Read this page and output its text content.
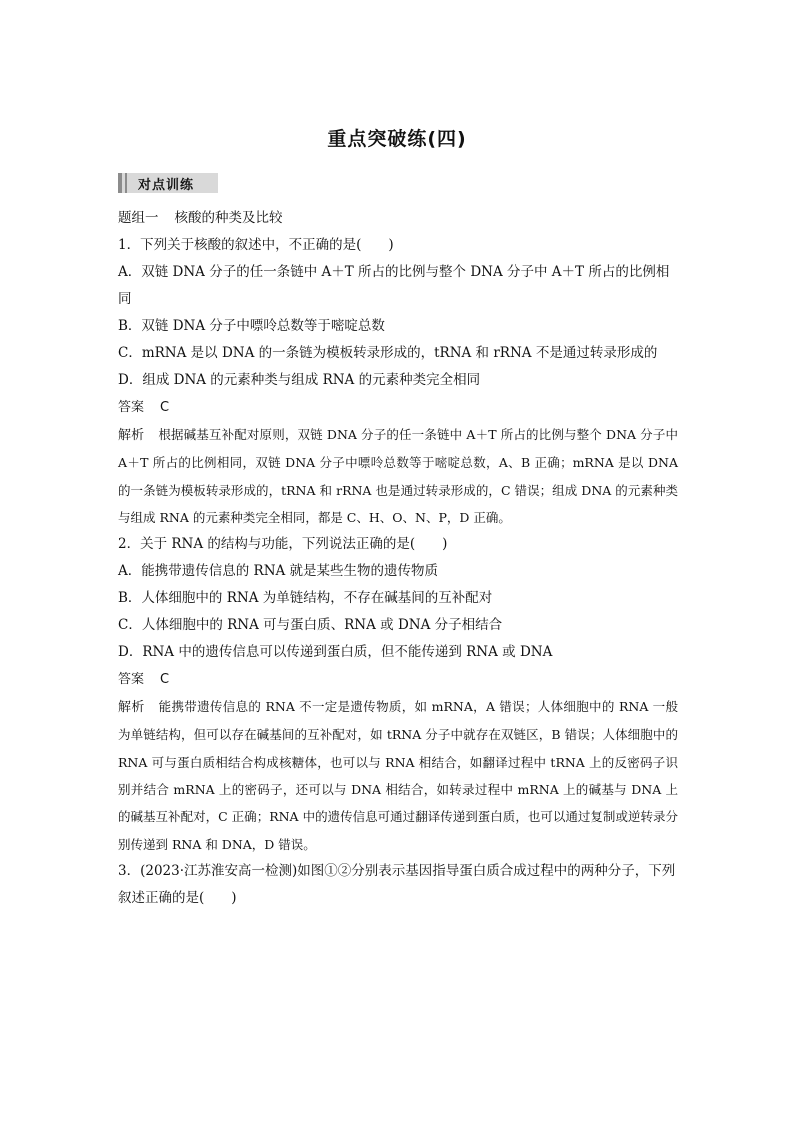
重点突破练(四)
对点训练
题组一 核酸的种类及比较
1．下列关于核酸的叙述中，不正确的是(　　)
A．双链 DNA 分子的任一条链中 A＋T 所占的比例与整个 DNA 分子中 A＋T 所占的比例相同
B．双链 DNA 分子中嘌呤总数等于嘧啶总数
C．mRNA 是以 DNA 的一条链为模板转录形成的，tRNA 和 rRNA 不是通过转录形成的
D．组成 DNA 的元素种类与组成 RNA 的元素种类完全相同
答案 C
解析 根据碱基互补配对原则，双链 DNA 分子的任一条链中 A＋T 所占的比例与整个 DNA 分子中 A＋T 所占的比例相同，双链 DNA 分子中嘌呤总数等于嘧啶总数，A、B 正确；mRNA 是以 DNA 的一条链为模板转录形成的，tRNA 和 rRNA 也是通过转录形成的，C 错误；组成 DNA 的元素种类与组成 RNA 的元素种类完全相同，都是 C、H、O、N、P，D 正确。
2．关于 RNA 的结构与功能，下列说法正确的是(　　)
A．能携带遗传信息的 RNA 就是某些生物的遗传物质
B．人体细胞中的 RNA 为单链结构，不存在碱基间的互补配对
C．人体细胞中的 RNA 可与蛋白质、RNA 或 DNA 分子相结合
D．RNA 中的遗传信息可以传递到蛋白质，但不能传递到 RNA 或 DNA
答案 C
解析 能携带遗传信息的 RNA 不一定是遗传物质，如 mRNA，A 错误；人体细胞中的 RNA 一般为单链结构，但可以存在碱基间的互补配对，如 tRNA 分子中就存在双链区，B 错误；人体细胞中的 RNA 可与蛋白质相结合构成核糖体，也可以与 RNA 相结合，如翻译过程中 tRNA 上的反密码子识别并结合 mRNA 上的密码子，还可以与 DNA 相结合，如转录过程中 mRNA 上的碱基与 DNA 上的碱基互补配对，C 正确；RNA 中的遗传信息可通过翻译传递到蛋白质，也可以通过复制或逆转录分别传递到 RNA 和 DNA，D 错误。
3．(2023·江苏淮安高一检测)如图①②分别表示基因指导蛋白质合成过程中的两种分子，下列叙述正确的是(　　)
